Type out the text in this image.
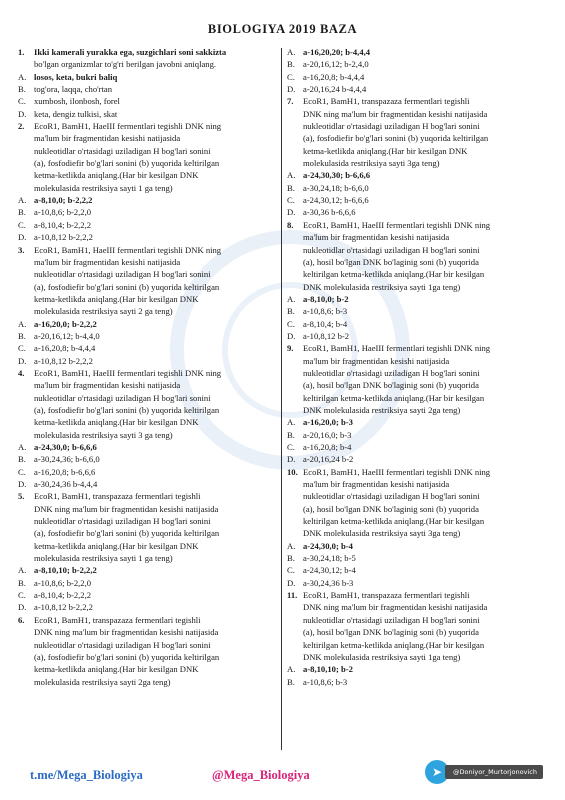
BIOLOGIYA 2019 BAZA
1.	Ikki kamerali yurakka ega, suzgichlari soni sakkizta
bo'lgan organizmlar to'g'ri berilgan javobni aniqlang.
A. losos, keta, bukri baliq
B. tog'ora, laqqa, cho'rtan
C. xumbosh, ilonbosh, forel
D. keta, dengiz tulkisi, skat
2.	EcoR1, BamH1, HaeIII fermentlari tegishli DNK ning
ma'lum bir fragmentidan kesishi natijasida
nukleotidlar o'rtasidagi uziladigan H bog'lari sonini
(a), fosfodiefir bo'g'lari sonini (b) yuqorida keltirilgan
ketma-ketlikda aniqlang.(Har bir kesilgan DNK
molekulasida restriksiya sayti 1 ga teng)
A. a-8,10,0; b-2,2,2
B. a-10,8,6; b-2,2,0
C. a-8,10,4; b-2,2,2
D. a-10,8,12 b-2,2,2
3.	EcoR1, BamH1, HaeIII fermentlari tegishli DNK ning
ma'lum bir fragmentidan kesishi natijasida
nukleotidlar o'rtasidagi uziladigan H bog'lari sonini
(a), fosfodiefir bo'g'lari sonini (b) yuqorida keltirilgan
ketma-ketlikda aniqlang.(Har bir kesilgan DNK
molekulasida restriksiya sayti 2 ga teng)
A. a-16,20,0; b-2,2,2
B. a-20,16,12; b-4,4,0
C. a-16,20,8; b-4,4,4
D. a-10,8,12 b-2,2,2
4.	EcoR1, BamH1, HaeIII fermentlari tegishli DNK ning
ma'lum bir fragmentidan kesishi natijasida
nukleotidlar o'rtasidagi uziladigan H bog'lari sonini
(a), fosfodiefir bo'g'lari sonini (b) yuqorida keltirilgan
ketma-ketlikda aniqlang.(Har bir kesilgan DNK
molekulasida restriksiya sayti 3 ga teng)
A. a-24,30,0; b-6,6,6
B. a-30,24,36; b-6,6,0
C. a-16,20,8; b-6,6,6
D. a-30,24,36 b-4,4,4
5.	EcoR1, BamH1, transpazaza fermentlari tegishli
DNK ning ma'lum bir fragmentidan kesishi natijasida
nukleotidlar o'rtasidagi uziladigan H bog'lari sonini
(a), fosfodiefir bo'g'lari sonini (b) yuqorida keltirilgan
ketma-ketlikda aniqlang.(Har bir kesilgan DNK
molekulasida restriksiya sayti 1 ga teng)
A. a-8,10,10; b-2,2,2
B. a-10,8,6; b-2,2,0
C. a-8,10,4; b-2,2,2
D. a-10,8,12 b-2,2,2
6.	EcoR1, BamH1, transpazaza fermentlari tegishli
DNK ning ma'lum bir fragmentidan kesishi natijasida
nukleotidlar o'rtasidagi uziladigan H bog'lari sonini
(a), fosfodiefir bo'g'lari sonini (b) yuqorida keltirilgan
ketma-ketlikda aniqlang.(Har bir kesilgan DNK
molekulasida restriksiya sayti 2ga teng)
A. a-16,20,20; b-4,4,4
B. a-20,16,12; b-2,4,0
C. a-16,20,8; b-4,4,4
D. a-20,16,24 b-4,4,4
7.	EcoR1, BamH1, transpazaza fermentlari tegishli
DNK ning ma'lum bir fragmentidan kesishi natijasida
nukleotidlar o'rtasidagi uziladigan H bog'lari sonini
(a), fosfodiefir bo'g'lari sonini (b) yuqorida keltirilgan
ketma-ketlikda aniqlang.(Har bir kesilgan DNK
molekulasida restriksiya sayti 3ga teng)
A. a-24,30,30; b-6,6,6
B. a-30,24,18; b-6,6,0
C. a-24,30,12; b-6,6,6
D. a-30,36 b-6,6,6
8.	EcoR1, BamH1, HaeIII fermentlari tegishli DNK ning
ma'lum bir fragmentidan kesishi natijasida
nukleotidlar o'rtasidagi uziladigan H bog'lari sonini
(a), hosil bo'lgan DNK bo'laginig soni (b) yuqorida
keltirilgan ketma-ketlikda aniqlang.(Har bir kesilgan
DNK molekulasida restriksiya sayti 1ga teng)
A. a-8,10,0; b-2
B. a-10,8,6; b-3
C. a-8,10,4; b-4
D. a-10,8,12 b-2
9.	EcoR1, BamH1, HaeIII fermentlari tegishli DNK ning
ma'lum bir fragmentidan kesishi natijasida
nukleotidlar o'rtasidagi uziladigan H bog'lari sonini
(a), hosil bo'lgan DNK bo'laginig soni (b) yuqorida
keltirilgan ketma-ketlikda aniqlang.(Har bir kesilgan
DNK molekulasida restriksiya sayti 2ga teng)
A. a-16,20,0; b-3
B. a-20,16,0; b-3
C. a-16,20,8; b-4
D. a-20,16,24 b-2
10. EcoR1, BamH1, HaeIII fermentlari tegishli DNK ning
ma'lum bir fragmentidan kesishi natijasida
nukleotidlar o'rtasidagi uziladigan H bog'lari sonini
(a), hosil bo'lgan DNK bo'laginig soni (b) yuqorida
keltirilgan ketma-ketlikda aniqlang.(Har bir kesilgan
DNK molekulasida restriksiya sayti 3ga teng)
A. a-24,30,0; b-4
B. a-30,24,18; b-5
C. a-24,30,12; b-4
D. a-30,24,36 b-3
11. EcoR1, BamH1, transpazaza fermentlari tegishli
DNK ning ma'lum bir fragmentidan kesishi natijasida
nukleotidlar o'rtasidagi uziladigan H bog'lari sonini
(a), hosil bo'lgan DNK bo'laginig soni (b) yuqorida
keltirilgan ketma-ketlikda aniqlang.(Har bir kesilgan
DNK molekulasida restriksiya sayti 1ga teng)
A. a-8,10,10; b-2
B. a-10,8,6; b-3
t.me/Mega_Biologiya	@Mega_Biologiya	➤	@Doniyor_Murtorjonovich
